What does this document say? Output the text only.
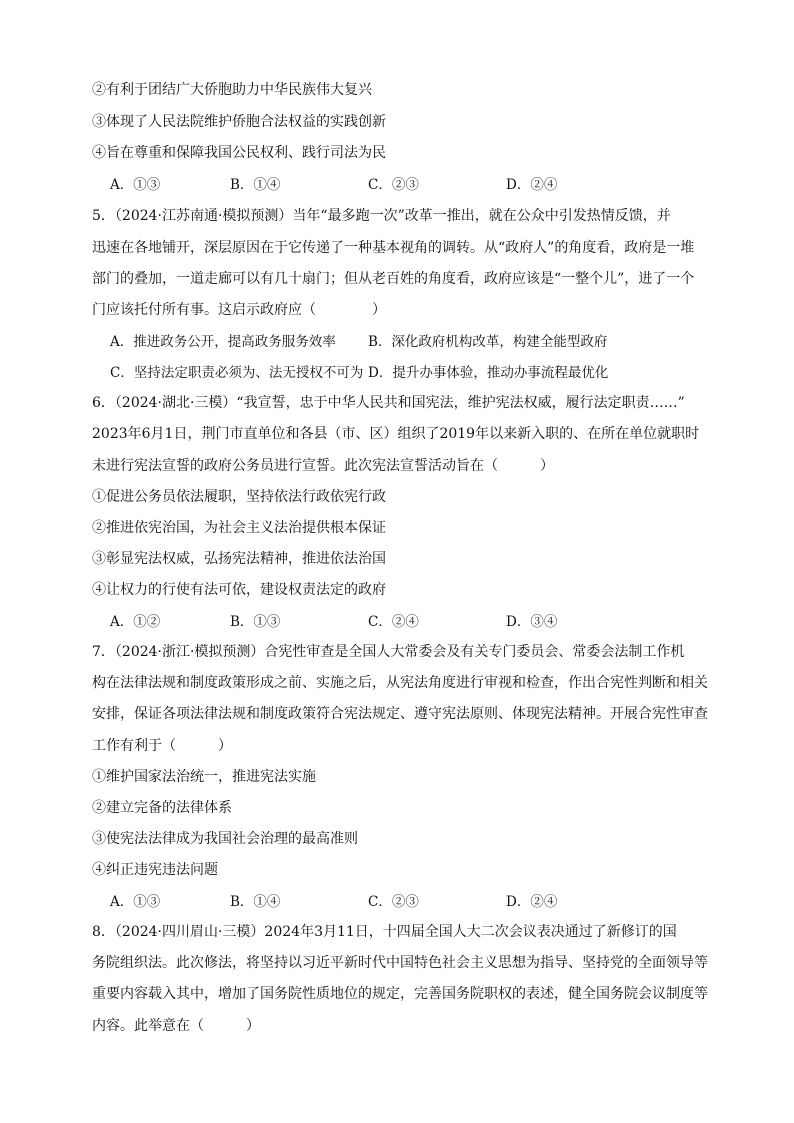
②有利于团结广大侨胞助力中华民族伟大复兴
③体现了人民法院维护侨胞合法权益的实践创新
④旨在尊重和保障我国公民权利、践行司法为民
A．①③	B．①④	C．②③	D．②④
5．（2024·江苏南通·模拟预测）当年“最多跑一次”改革一推出，就在公众中引发热情反馈，并
迅速在各地铺开，深层原因在于它传递了一种基本视角的调转。从“政府人”的角度看，政府是一堆
部门的叠加，一道走廊可以有几十扇门；但从老百姓的角度看，政府应该是“一整个儿”，进了一个
门应该托付所有事。这启示政府应（　　　　）
A．推进政务公开，提高政务服务效率 B．深化政府机构改革，构建全能型政府
C．坚持法定职责必须为、法无授权不可为 D．提升办事体验，推动办事流程最优化
6．（2024·湖北·三模）“我宣誓，忠于中华人民共和国宪法，维护宪法权威，履行法定职责……”
2023年6月1日，荆门市直单位和各县（市、区）组织了2019年以来新入职的、在所在单位就职时
未进行宪法宣誓的政府公务员进行宣誓。此次宪法宣誓活动旨在（　　　）
①促进公务员依法履职，坚持依法行政依宪行政
②推进依宪治国，为社会主义法治提供根本保证
③彰显宪法权威，弘扬宪法精神，推进依法治国
④让权力的行使有法可依，建设权责法定的政府
A．①②	B．①③	C．②④	D．③④
7．（2024·浙江·模拟预测）合宪性审查是全国人大常委会及有关专门委员会、常委会法制工作机
构在法律法规和制度政策形成之前、实施之后，从宪法角度进行审视和检查，作出合宪性判断和相关
安排，保证各项法律法规和制度政策符合宪法规定、遵守宪法原则、体现宪法精神。开展合宪性审查
工作有利于（　　　）
①维护国家法治统一，推进宪法实施
②建立完备的法律体系
③使宪法法律成为我国社会治理的最高准则
④纠正违宪违法问题
A．①③	B．①④	C．②③	D．②④
8．（2024·四川眉山·三模）2024年3月11日，十四届全国人大二次会议表决通过了新修订的国
务院组织法。此次修法，将坚持以习近平新时代中国特色社会主义思想为指导、坚持党的全面领导等
重要内容载入其中，增加了国务院性质地位的规定，完善国务院职权的表述，健全国务院会议制度等
内容。此举意在（　　　）
